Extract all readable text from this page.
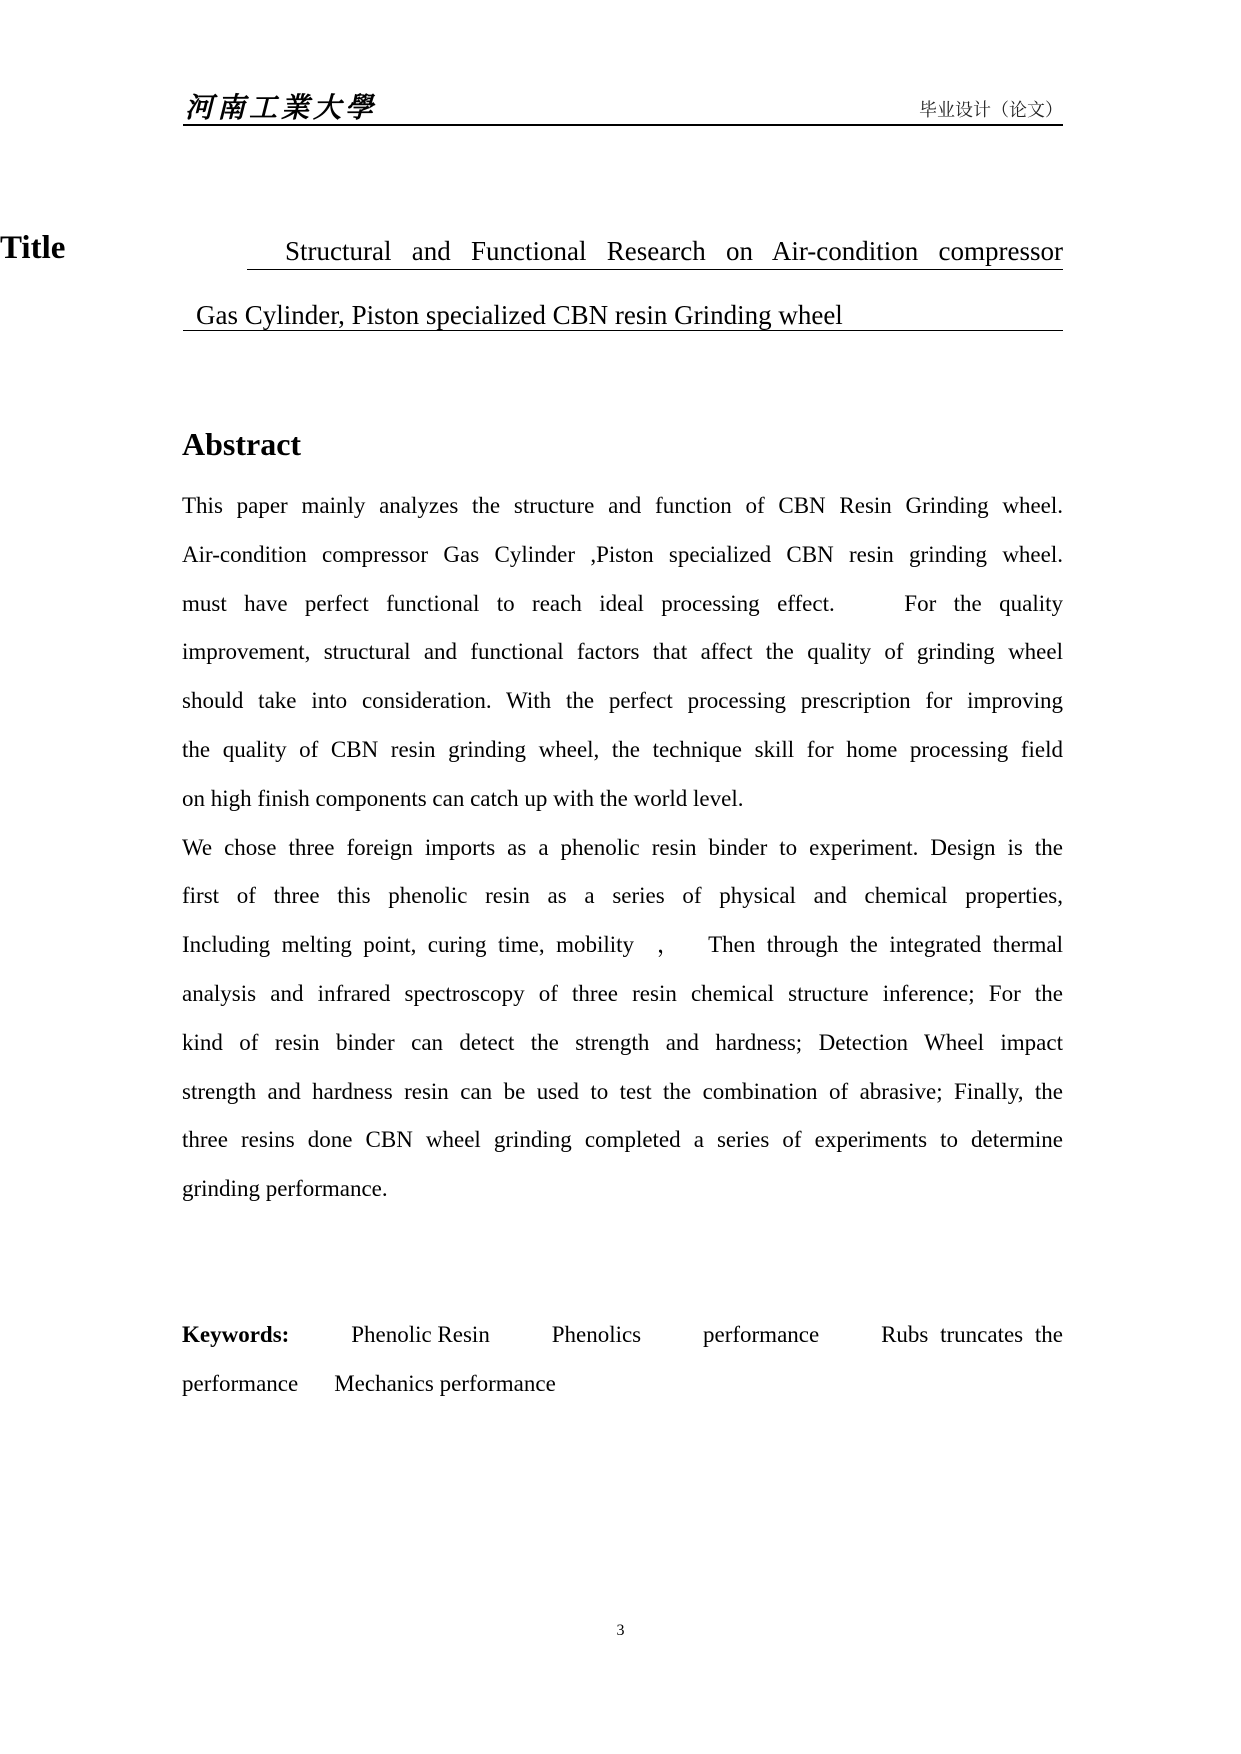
河南工業大學	毕业设计（论文）
Title	Structural and Functional Research on Air-condition compressor
Gas Cylinder, Piston specialized CBN resin Grinding wheel
Abstract

This paper mainly analyzes the structure and function of CBN Resin Grinding wheel.
Air-condition compressor Gas Cylinder ,Piston specialized CBN resin grinding wheel.
must have perfect functional to reach ideal processing effect.    For the quality
improvement, structural and functional factors that affect the quality of grinding wheel
should take into consideration. With the perfect processing prescription for improving
the quality of CBN resin grinding wheel, the technique skill for home processing field
on high finish components can catch up with the world level.

We chose three foreign imports as a phenolic resin binder to experiment. Design is the
first of three this phenolic resin as a series of physical and chemical properties,
Including melting point, curing time, mobility  ，  Then through the integrated thermal
analysis and infrared spectroscopy of three resin chemical structure inference; For the
kind of resin binder can detect the strength and hardness; Detection Wheel impact
strength and hardness resin can be used to test the combination of abrasive; Finally, the
three resins done CBN wheel grinding completed a series of experiments to determine
grinding performance.

Keywords:	Phenolic Resin	Phenolics	performance	Rubs truncates the
performance Mechanics performance
3
